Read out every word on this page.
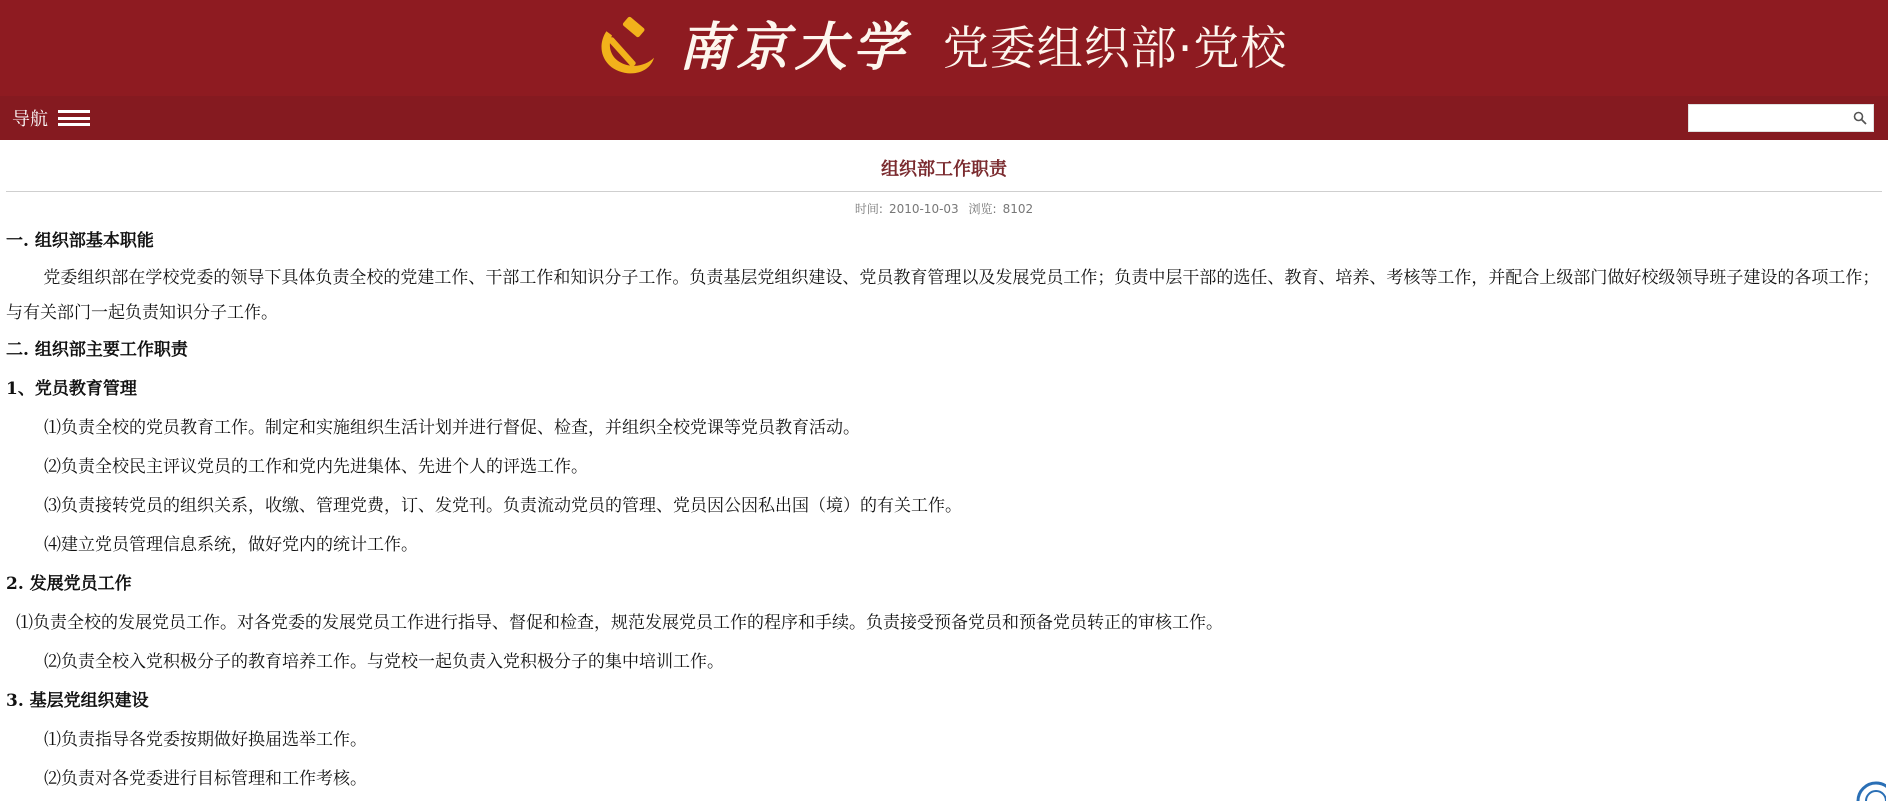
南京大学 党委组织部·党校
导航
组织部工作职责
时间: 2010-10-03 浏览: 8102

一. 组织部基本职能

党委组织部在学校党委的领导下具体负责全校的党建工作、干部工作和知识分子工作。负责基层党组织建设、党员教育管理以及发展党员工作；负责中层干部的选任、教育、培养、考核等工作，并配合上级部门做好校级领导班子建设的各项工作；与有关部门一起负责知识分子工作。

二. 组织部主要工作职责

1、党员教育管理

⑴负责全校的党员教育工作。制定和实施组织生活计划并进行督促、检查，并组织全校党课等党员教育活动。

⑵负责全校民主评议党员的工作和党内先进集体、先进个人的评选工作。

⑶负责接转党员的组织关系，收缴、管理党费，订、发党刊。负责流动党员的管理、党员因公因私出国（境）的有关工作。

⑷建立党员管理信息系统，做好党内的统计工作。

2. 发展党员工作

⑴负责全校的发展党员工作。对各党委的发展党员工作进行指导、督促和检查，规范发展党员工作的程序和手续。负责接受预备党员和预备党员转正的审核工作。

⑵负责全校入党积极分子的教育培养工作。与党校一起负责入党积极分子的集中培训工作。

3. 基层党组织建设

⑴负责指导各党委按期做好换届选举工作。

⑵负责对各党委进行目标管理和工作考核。
